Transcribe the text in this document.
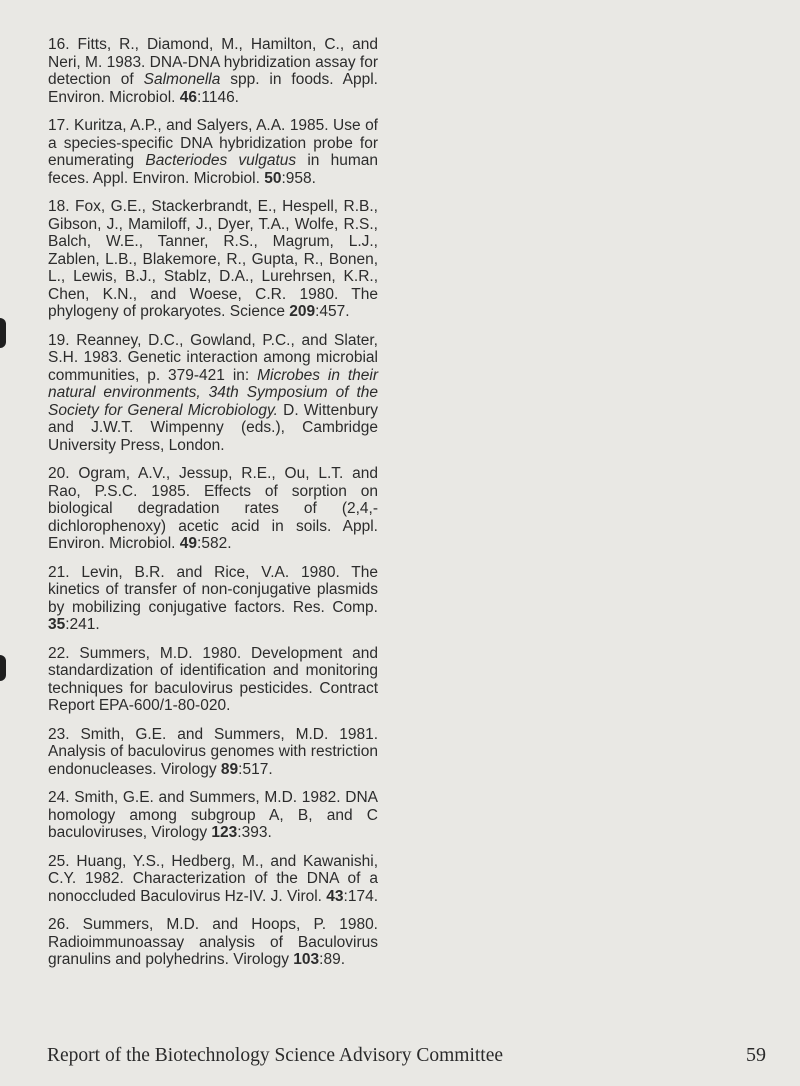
16. Fitts, R., Diamond, M., Hamilton, C., and Neri, M. 1983. DNA-DNA hybridization assay for detection of Salmonella spp. in foods. Appl. Environ. Microbiol. 46:1146.

17. Kuritza, A.P., and Salyers, A.A. 1985. Use of a species-specific DNA hybridization probe for enumerating Bacteriodes vulgatus in human feces. Appl. Environ. Microbiol. 50:958.

18. Fox, G.E., Stackerbrandt, E., Hespell, R.B., Gibson, J., Mamiloff, J., Dyer, T.A., Wolfe, R.S., Balch, W.E., Tanner, R.S., Magrum, L.J., Zablen, L.B., Blakemore, R., Gupta, R., Bonen, L., Lewis, B.J., Stablz, D.A., Lurehrsen, K.R., Chen, K.N., and Woese, C.R. 1980. The phylogeny of prokaryotes. Science 209:457.

19. Reanney, D.C., Gowland, P.C., and Slater, S.H. 1983. Genetic interaction among microbial communities, p. 379-421 in: Microbes in their natural environments, 34th Symposium of the Society for General Microbiology. D. Wittenbury and J.W.T. Wimpenny (eds.), Cambridge University Press, London.

20. Ogram, A.V., Jessup, R.E., Ou, L.T. and Rao, P.S.C. 1985. Effects of sorption on biological degradation rates of (2,4,-dichlorophenoxy) acetic acid in soils. Appl. Environ. Microbiol. 49:582.

21. Levin, B.R. and Rice, V.A. 1980. The kinetics of transfer of non-conjugative plasmids by mobilizing conjugative factors. Res. Comp. 35:241.

22. Summers, M.D. 1980. Development and standardization of identification and monitoring techniques for baculovirus pesticides. Contract Report EPA-600/1-80-020.

23. Smith, G.E. and Summers, M.D. 1981. Analysis of baculovirus genomes with restriction endonucleases. Virology 89:517.

24. Smith, G.E. and Summers, M.D. 1982. DNA homology among subgroup A, B, and C baculoviruses, Virology 123:393.

25. Huang, Y.S., Hedberg, M., and Kawanishi, C.Y. 1982. Characterization of the DNA of a nonoccluded Baculovirus Hz-IV. J. Virol. 43:174.

26. Summers, M.D. and Hoops, P. 1980. Radioimmunoassay analysis of Baculovirus granulins and polyhedrins. Virology 103:89.

Report of the Biotechnology Science Advisory Committee	59
